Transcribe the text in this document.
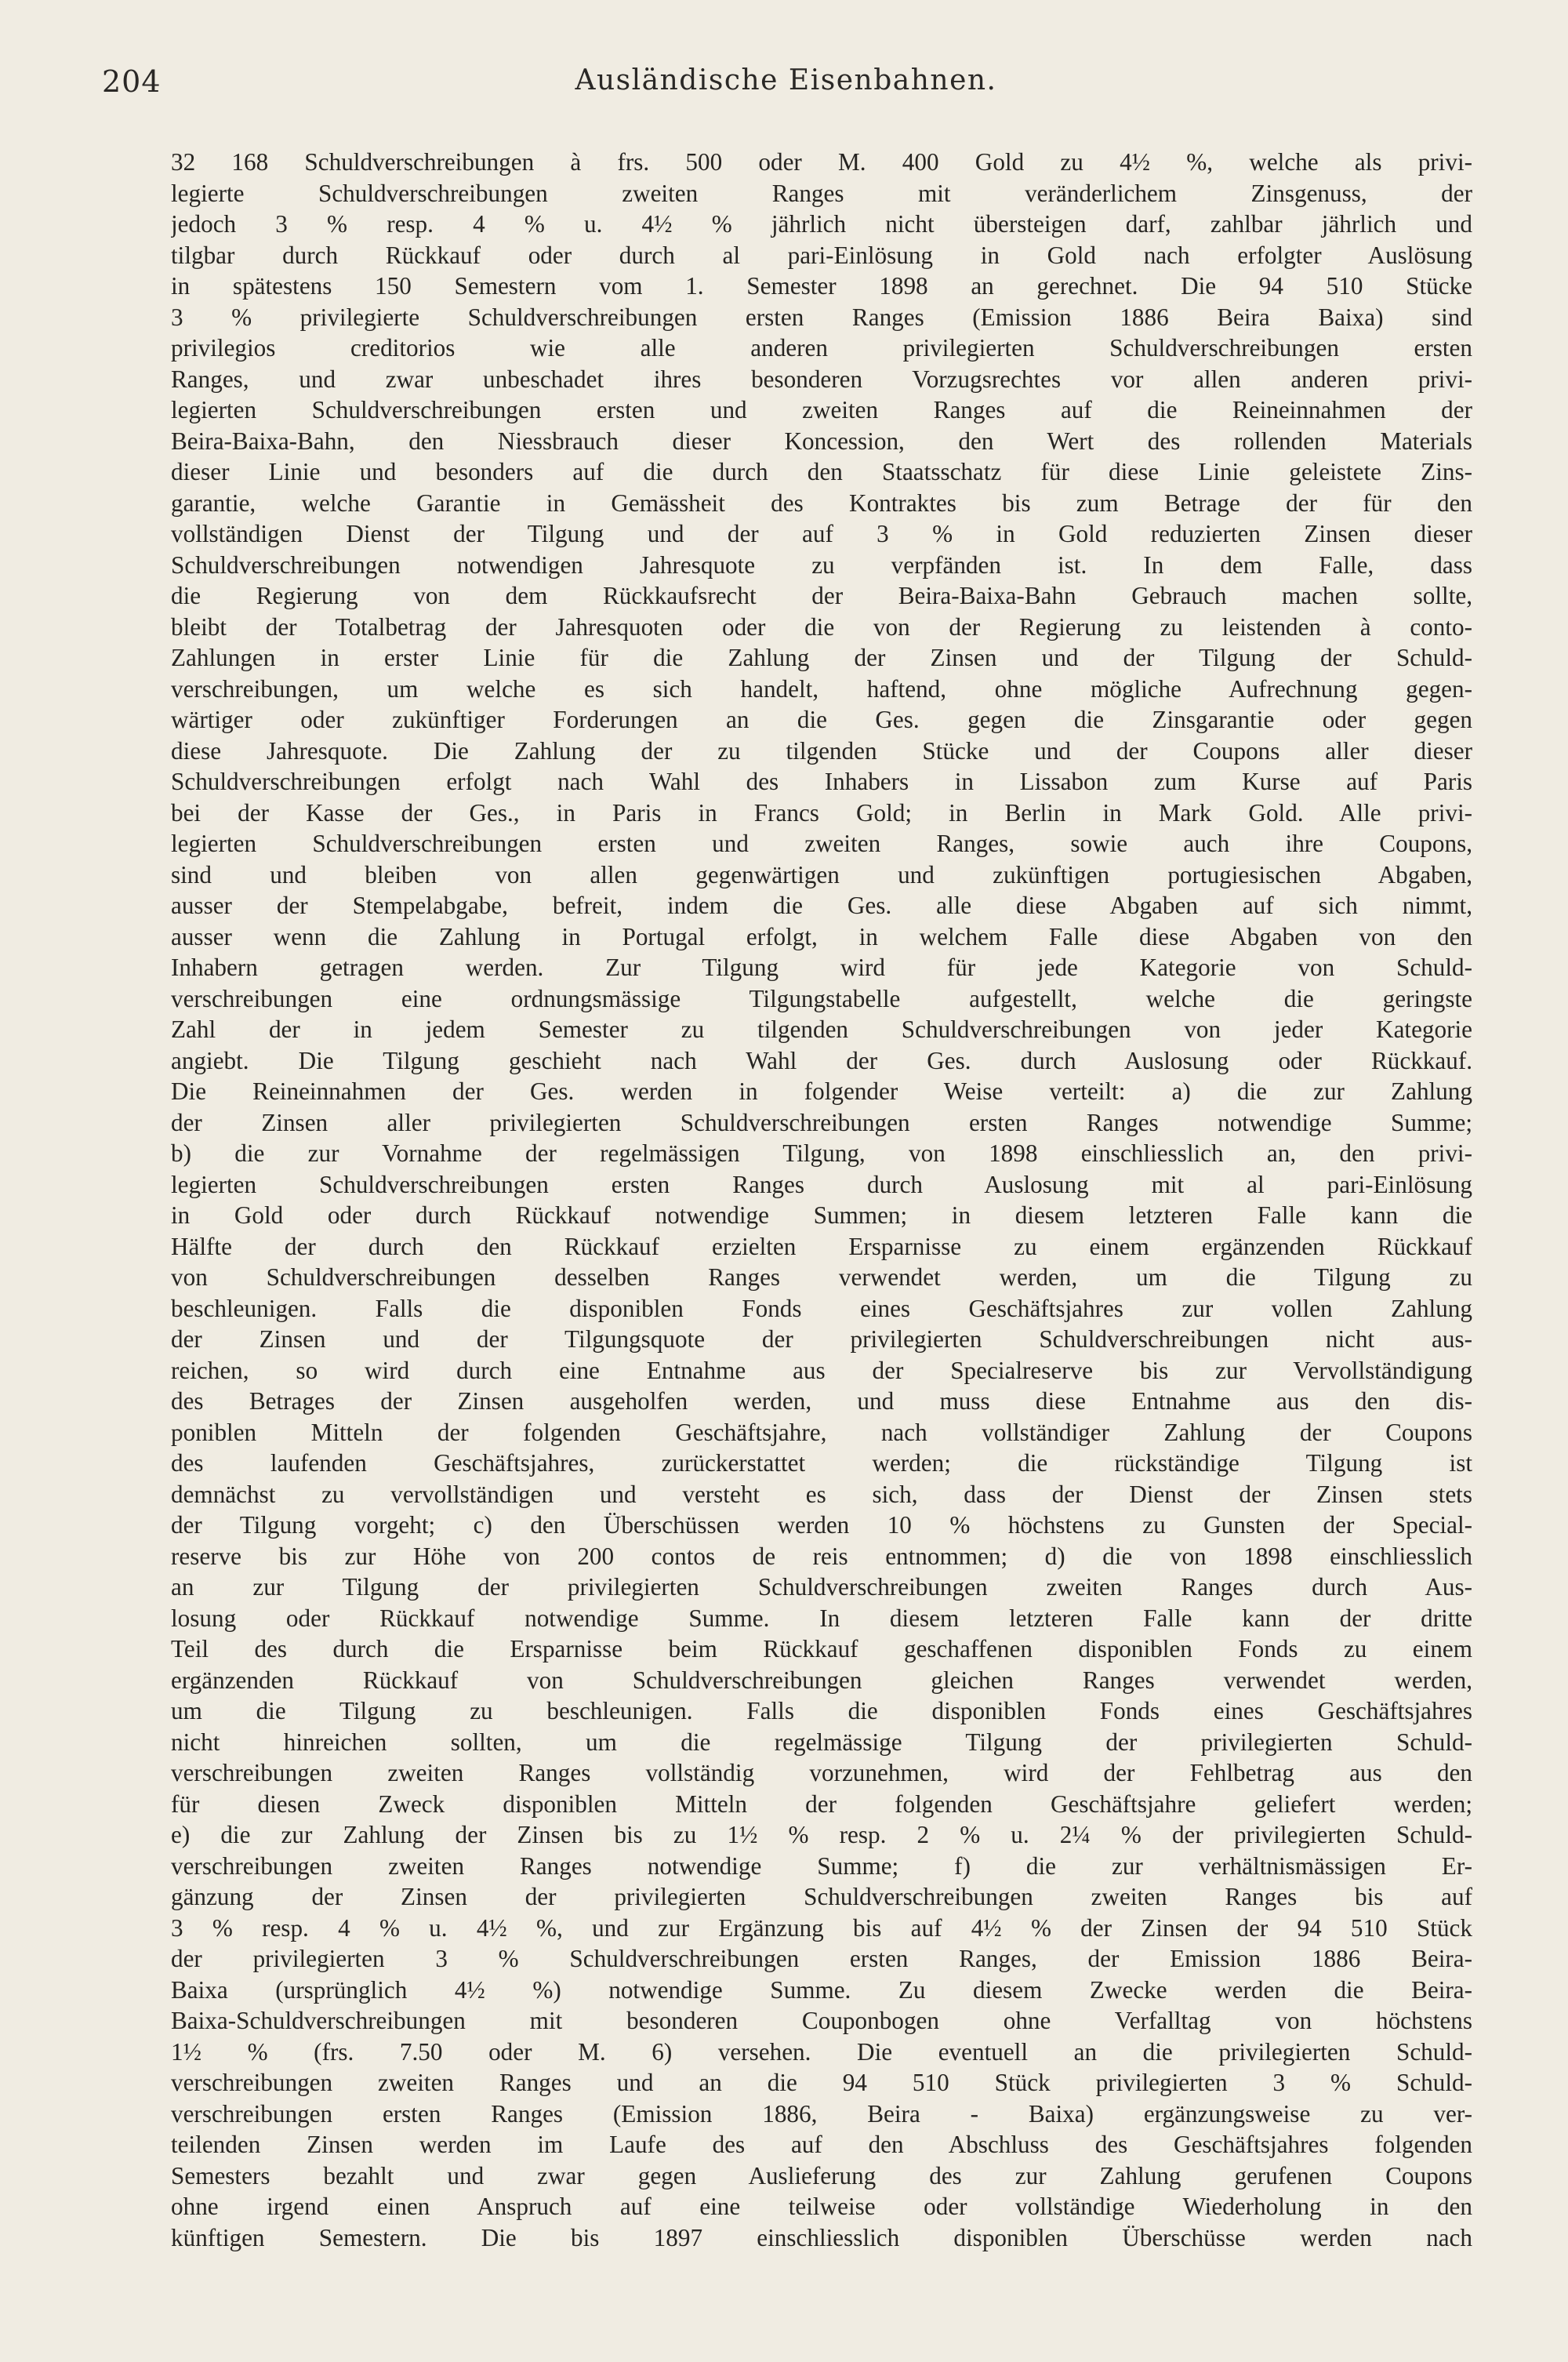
204	Ausländische Eisenbahnen.
32 168 Schuldverschreibungen à frs. 500 oder M. 400 Gold zu 4½ %, welche als privi-
legierte Schuldverschreibungen zweiten Ranges mit veränderlichem Zinsgenuss, der
jedoch 3 % resp. 4 % u. 4½ % jährlich nicht übersteigen darf, zahlbar jährlich und
tilgbar durch Rückkauf oder durch al pari-Einlösung in Gold nach erfolgter Auslösung
in spätestens 150 Semestern vom 1. Semester 1898 an gerechnet. Die 94 510 Stücke
3 % privilegierte Schuldverschreibungen ersten Ranges (Emission 1886 Beira Baixa) sind
privilegios creditorios wie alle anderen privilegierten Schuldverschreibungen ersten
Ranges, und zwar unbeschadet ihres besonderen Vorzugsrechtes vor allen anderen privi-
legierten Schuldverschreibungen ersten und zweiten Ranges auf die Reineinnahmen der
Beira-Baixa-Bahn, den Niessbrauch dieser Koncession, den Wert des rollenden Materials
dieser Linie und besonders auf die durch den Staatsschatz für diese Linie geleistete Zins-
garantie, welche Garantie in Gemässheit des Kontraktes bis zum Betrage der für den
vollständigen Dienst der Tilgung und der auf 3 % in Gold reduzierten Zinsen dieser
Schuldverschreibungen notwendigen Jahresquote zu verpfänden ist. In dem Falle, dass
die Regierung von dem Rückkaufsrecht der Beira-Baixa-Bahn Gebrauch machen sollte,
bleibt der Totalbetrag der Jahresquoten oder die von der Regierung zu leistenden à conto-
Zahlungen in erster Linie für die Zahlung der Zinsen und der Tilgung der Schuld-
verschreibungen, um welche es sich handelt, haftend, ohne mögliche Aufrechnung gegen-
wärtiger oder zukünftiger Forderungen an die Ges. gegen die Zinsgarantie oder gegen
diese Jahresquote. Die Zahlung der zu tilgenden Stücke und der Coupons aller dieser
Schuldverschreibungen erfolgt nach Wahl des Inhabers in Lissabon zum Kurse auf Paris
bei der Kasse der Ges., in Paris in Francs Gold; in Berlin in Mark Gold. Alle privi-
legierten Schuldverschreibungen ersten und zweiten Ranges, sowie auch ihre Coupons,
sind und bleiben von allen gegenwärtigen und zukünftigen portugiesischen Abgaben,
ausser der Stempelabgabe, befreit, indem die Ges. alle diese Abgaben auf sich nimmt,
ausser wenn die Zahlung in Portugal erfolgt, in welchem Falle diese Abgaben von den
Inhabern getragen werden. Zur Tilgung wird für jede Kategorie von Schuld-
verschreibungen eine ordnungsmässige Tilgungstabelle aufgestellt, welche die geringste
Zahl der in jedem Semester zu tilgenden Schuldverschreibungen von jeder Kategorie
angiebt. Die Tilgung geschieht nach Wahl der Ges. durch Auslosung oder Rückkauf.
Die Reineinnahmen der Ges. werden in folgender Weise verteilt: a) die zur Zahlung
der Zinsen aller privilegierten Schuldverschreibungen ersten Ranges notwendige Summe;
b) die zur Vornahme der regelmässigen Tilgung, von 1898 einschliesslich an, den privi-
legierten Schuldverschreibungen ersten Ranges durch Auslosung mit al pari-Einlösung
in Gold oder durch Rückkauf notwendige Summen; in diesem letzteren Falle kann die
Hälfte der durch den Rückkauf erzielten Ersparnisse zu einem ergänzenden Rückkauf
von Schuldverschreibungen desselben Ranges verwendet werden, um die Tilgung zu
beschleunigen. Falls die disponiblen Fonds eines Geschäftsjahres zur vollen Zahlung
der Zinsen und der Tilgungsquote der privilegierten Schuldverschreibungen nicht aus-
reichen, so wird durch eine Entnahme aus der Specialreserve bis zur Vervollständigung
des Betrages der Zinsen ausgeholfen werden, und muss diese Entnahme aus den dis-
poniblen Mitteln der folgenden Geschäftsjahre, nach vollständiger Zahlung der Coupons
des laufenden Geschäftsjahres, zurückerstattet werden; die rückständige Tilgung ist
demnächst zu vervollständigen und versteht es sich, dass der Dienst der Zinsen stets
der Tilgung vorgeht; c) den Überschüssen werden 10 % höchstens zu Gunsten der Special-
reserve bis zur Höhe von 200 contos de reis entnommen; d) die von 1898 einschliesslich
an zur Tilgung der privilegierten Schuldverschreibungen zweiten Ranges durch Aus-
losung oder Rückkauf notwendige Summe. In diesem letzteren Falle kann der dritte
Teil des durch die Ersparnisse beim Rückkauf geschaffenen disponiblen Fonds zu einem
ergänzenden Rückkauf von Schuldverschreibungen gleichen Ranges verwendet werden,
um die Tilgung zu beschleunigen. Falls die disponiblen Fonds eines Geschäftsjahres
nicht hinreichen sollten, um die regelmässige Tilgung der privilegierten Schuld-
verschreibungen zweiten Ranges vollständig vorzunehmen, wird der Fehlbetrag aus den
für diesen Zweck disponiblen Mitteln der folgenden Geschäftsjahre geliefert werden;
e) die zur Zahlung der Zinsen bis zu 1½ % resp. 2 % u. 2¼ % der privilegierten Schuld-
verschreibungen zweiten Ranges notwendige Summe; f) die zur verhältnismässigen Er-
gänzung der Zinsen der privilegierten Schuldverschreibungen zweiten Ranges bis auf
3 % resp. 4 % u. 4½ %, und zur Ergänzung bis auf 4½ % der Zinsen der 94 510 Stück
der privilegierten 3 % Schuldverschreibungen ersten Ranges, der Emission 1886 Beira-
Baixa (ursprünglich 4½ %) notwendige Summe. Zu diesem Zwecke werden die Beira-
Baixa-Schuldverschreibungen mit besonderen Couponbogen ohne Verfalltag von höchstens
1½ % (frs. 7.50 oder M. 6) versehen. Die eventuell an die privilegierten Schuld-
verschreibungen zweiten Ranges und an die 94 510 Stück privilegierten 3 % Schuld-
verschreibungen ersten Ranges (Emission 1886, Beira - Baixa) ergänzungsweise zu ver-
teilenden Zinsen werden im Laufe des auf den Abschluss des Geschäftsjahres folgenden
Semesters bezahlt und zwar gegen Auslieferung des zur Zahlung gerufenen Coupons
ohne irgend einen Anspruch auf eine teilweise oder vollständige Wiederholung in den
künftigen Semestern. Die bis 1897 einschliesslich disponiblen Überschüsse werden nach
